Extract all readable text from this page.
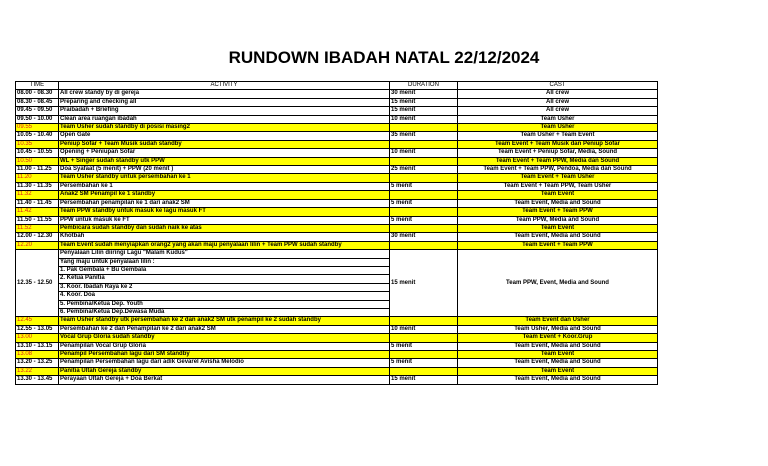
RUNDOWN IBADAH NATAL 22/12/2024
TIME	ACTIVITY	DURATION	CAST
08.00 - 08.30	All crew standy by di gereja	30 menit	All crew
08.30 - 08.45	Preparing and checking all	15 menit	All crew
09.45 - 09.50	Praibadah + Briefing	15 menit	All crew
09.50 - 10.00	Clean area ruangan ibadah	10 menit	Team Usher
09.55	Team Usher sudah standby di posisi masing2		Team Usher
10.05 - 10.40	Open Gate	35 menit	Team Usher + Team Event
10.35	Peniup Sofar + Team Musik sudah standby		Team Event + Team Musik dan Peniup Sofar
10.45 - 10.55	Opening + Peniupan Sofar	10 menit	Team Event + Peniup Sofar, Media, Sound
10.50	WL + Singer sudah standby utk PPW		Team Event + Team PPW, Media dan Sound
11.00 - 11.25	Doa Syafaat (5 menit) + PPW (20 menit )	25 menit	Team Event + Team PPW, Pendoa, Media dan Sound
11.20	Team Usher standby untuk persembahan ke 1		Team Event + Team Usher
11.30 - 11.35	Persembahan ke 1	5 menit	Team Event + Team PPW, Team Usher
11.32	Anak2 SM Penampil ke 1 standby		Team Event
11.40 - 11.45	Persembahan penampilan ke 1 dari anak2 SM	5 menit	Team Event, Media and Sound
11.42	Team PPW standby untuk masuk ke lagu masuk FT		Team Event + Team PPW
11.50 - 11.55	PPW untuk masuk ke FT	5 menit	Team PPW, Media and Sound
11.52	Pembicara sudah standby dan sudah naik ke atas		Team Event
12.00 - 12.30	Khotbah	30 menit	Team Event, Media and Sound
12.20	Team Event sudah menyiapkan orang2 yang akan maju penyalaan lilin + Team PPW sudah standby		Team Event + Team PPW
12.35 - 12.50	Penyalaan Lilin diiringi Lagu "Malam Kudus"	15 menit	Team PPW, Event, Media and Sound
	Yang maju untuk penyalaan lilin :		
	1. Pak Gembala + Bu Gembala		
	2. Ketua Panitia		
	3. Koor. Ibadah Raya ke 2		
	4. Koor. Doa		
	5. Pembina/Ketua Dep. Youth		
	6. Pembina/Ketua Dep.Dewasa Muda		
12.45	Team Usher standby utk persembahan ke 2 dan anak2 SM utk penampil ke 2 sudah standby		Team Event dan Usher
12.55 - 13.05	Persembahan ke 2 dan Penampilan ke 2 dari anak2 SM	10 menit	Team Usher, Media and Sound
13.00	Vocal Grup Gloria sudah standby		Team Event + Koor.Grup
13.10 - 13.15	Penampilan Vocal Grup Gloria	5 menit	Team Event, Media and Sound
13.08	Penampil Persembahan lagu dari SM standby		Team Event
13.20 - 13.25	Penampilan Persembahan lagu dari adik Gevarel Avisha Melodio	5 menit	Team Event, Media and Sound
13.22	Panitia Ultah Gereja standby		Team Event
13.30 - 13.45	Perayaan Ultah Gereja + Doa Berkat	15 menit	Team Event, Media and Sound
